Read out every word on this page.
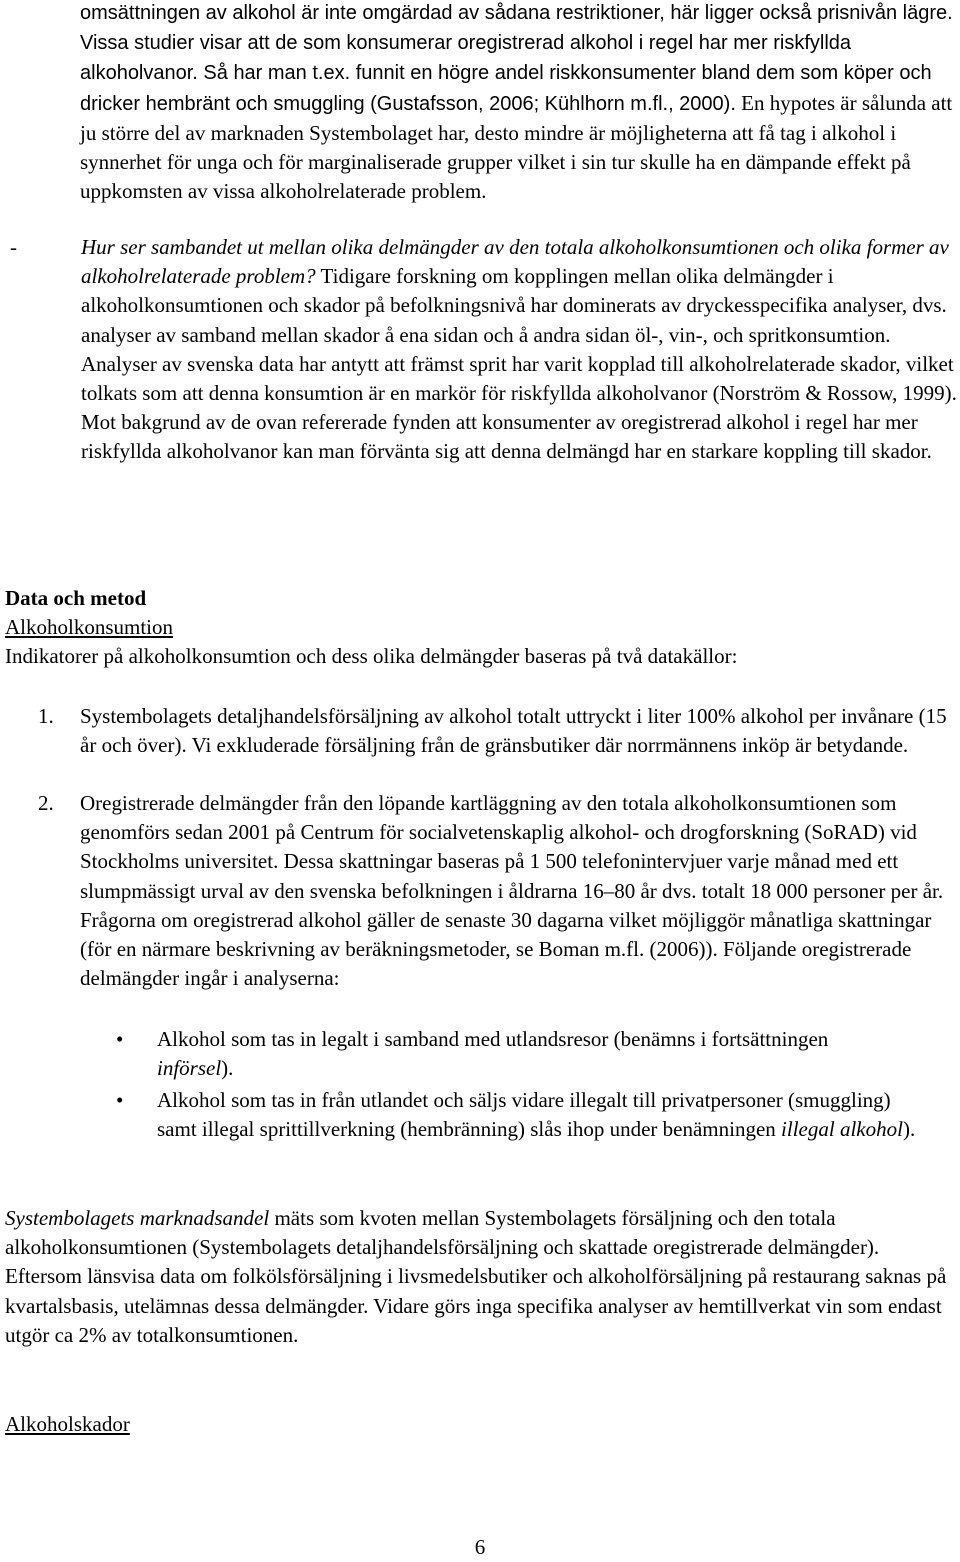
omsättningen av alkohol är inte omgärdad av sådana restriktioner, här ligger också prisnivån lägre. Vissa studier visar att de som konsumerar oregistrerad alkohol i regel har mer riskfyllda alkoholvanor. Så har man t.ex. funnit en högre andel riskkonsumenter bland dem som köper och dricker hembränt och smuggling (Gustafsson, 2006; Kühlhorn m.fl., 2000). En hypotes är sålunda att ju större del av marknaden Systembolaget har, desto mindre är möjligheterna att få tag i alkohol i synnerhet för unga och för marginaliserade grupper vilket i sin tur skulle ha en dämpande effekt på uppkomsten av vissa alkoholrelaterade problem.

-	Hur ser sambandet ut mellan olika delmängder av den totala alkoholkonsumtionen och olika former av alkoholrelaterade problem? Tidigare forskning om kopplingen mellan olika delmängder i alkoholkonsumtionen och skador på befolkningsnivå har dominerats av dryckesspecifika analyser, dvs. analyser av samband mellan skador å ena sidan och å andra sidan öl-, vin-, och spritkonsumtion. Analyser av svenska data har antytt att främst sprit har varit kopplad till alkoholrelaterade skador, vilket tolkats som att denna konsumtion är en markör för riskfyllda alkoholvanor (Norström & Rossow, 1999). Mot bakgrund av de ovan refererade fynden att konsumenter av oregistrerad alkohol i regel har mer riskfyllda alkoholvanor kan man förvänta sig att denna delmängd har en starkare koppling till skador.

Data och metod
Alkoholkonsumtion
Indikatorer på alkoholkonsumtion och dess olika delmängder baseras på två datakällor:
1. Systembolagets detaljhandelsförsäljning av alkohol totalt uttryckt i liter 100% alkohol per invånare (15 år och över). Vi exkluderade försäljning från de gränsbutiker där norrmännens inköp är betydande.
2. Oregistrerade delmängder från den löpande kartläggning av den totala alkoholkonsumtionen som genomförs sedan 2001 på Centrum för socialvetenskaplig alkohol- och drogforskning (SoRAD) vid Stockholms universitet. Dessa skattningar baseras på 1 500 telefonintervjuer varje månad med ett slumpmässigt urval av den svenska befolkningen i åldrarna 16–80 år dvs. totalt 18 000 personer per år. Frågorna om oregistrerad alkohol gäller de senaste 30 dagarna vilket möjliggör månatliga skattningar (för en närmare beskrivning av beräkningsmetoder, se Boman m.fl. (2006)). Följande oregistrerade delmängder ingår i analyserna:
• Alkohol som tas in legalt i samband med utlandsresor (benämns i fortsättningen införsel).
• Alkohol som tas in från utlandet och säljs vidare illegalt till privatpersoner (smuggling) samt illegal sprittillverkning (hembränning) slås ihop under benämningen illegal alkohol).

Systembolagets marknadsandel mäts som kvoten mellan Systembolagets försäljning och den totala alkoholkonsumtionen (Systembolagets detaljhandelsförsäljning och skattade oregistrerade delmängder). Eftersom länsvisa data om folkölsförsäljning i livsmedelsbutiker och alkoholförsäljning på restaurang saknas på kvartalsbasis, utelämnas dessa delmängder. Vidare görs inga specifika analyser av hemtillverkat vin som endast utgör ca 2% av totalkonsumtionen.

Alkoholskador
6
